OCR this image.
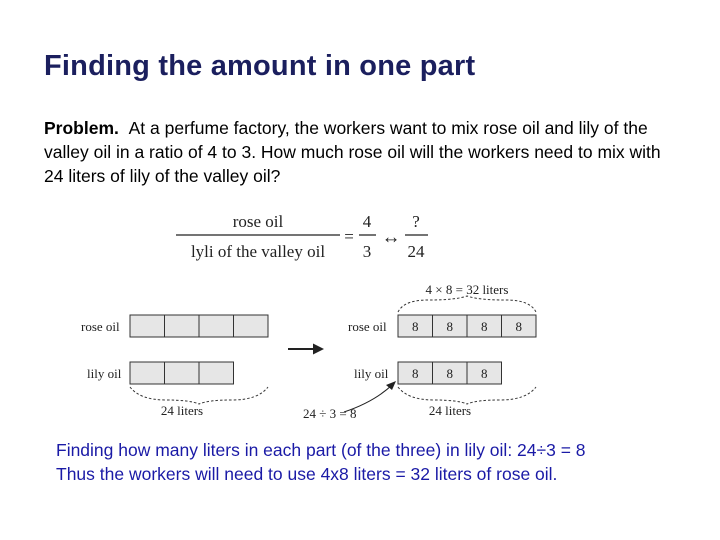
Finding the amount in one part
Problem. At a perfume factory, the workers want to mix rose oil and lily of the valley oil in a ratio of 4 to 3. How much rose oil will the workers need to mix with 24 liters of lily of the valley oil?
rose oil
lyli of the valley oil
=
4
3
↔
?
24
rose oil
lily oil
24 liters
4 × 8 = 32 liters
rose oil 8 8 8 8
lily oil 8 8 8
24 liters
24 ÷ 3 = 8
Finding how many liters in each part (of the three) in lily oil: 24÷3 = 8
Thus the workers will need to use 4x8 liters = 32 liters of rose oil.
